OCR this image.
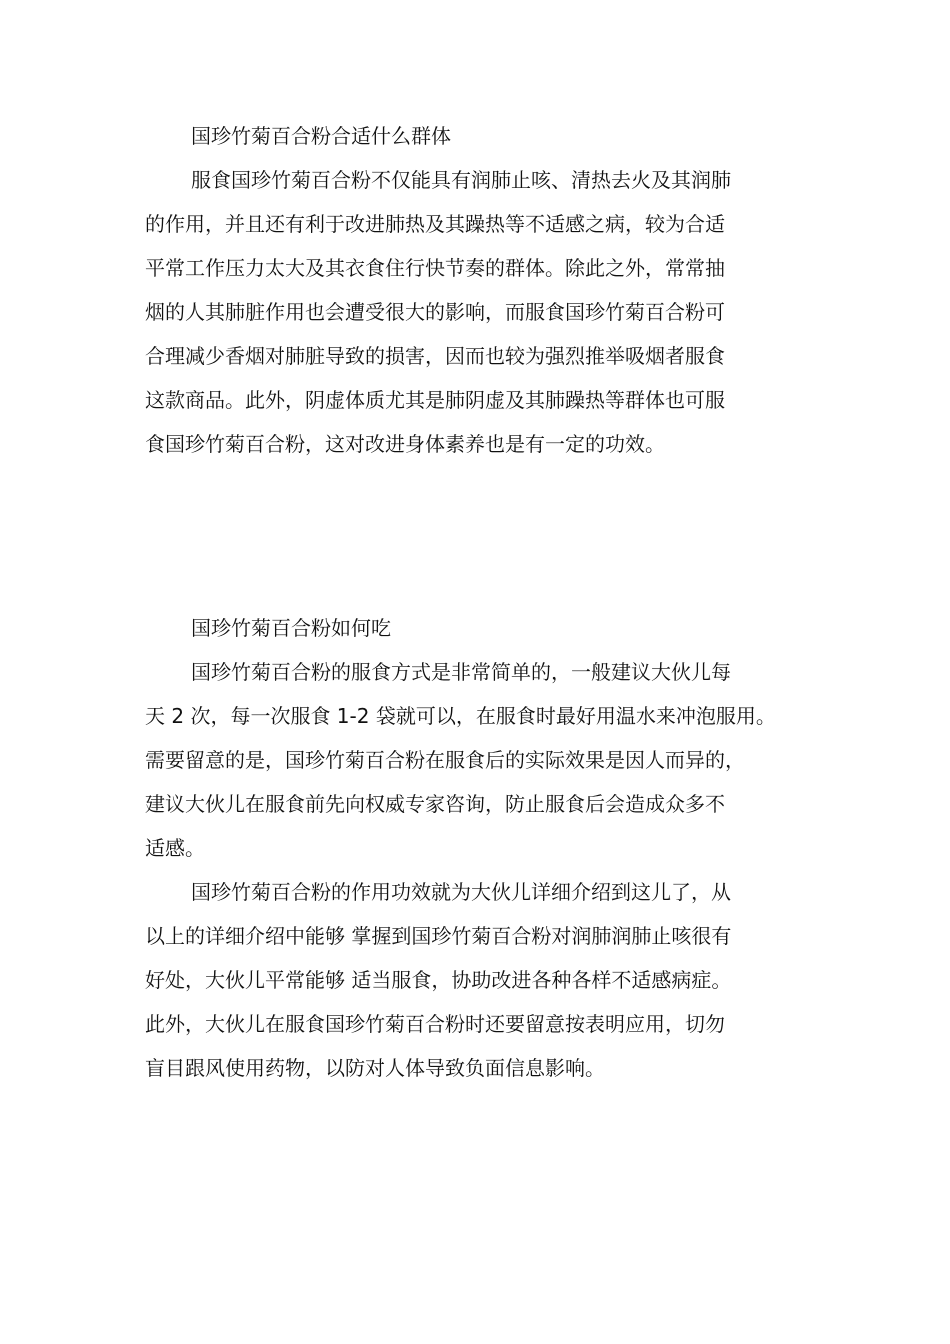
国珍竹菊百合粉合适什么群体

服食国珍竹菊百合粉不仅能具有润肺止咳、清热去火及其润肺
的作用，并且还有利于改进肺热及其躁热等不适感之病，较为合适
平常工作压力太大及其衣食住行快节奏的群体。除此之外，常常抽
烟的人其肺脏作用也会遭受很大的影响，而服食国珍竹菊百合粉可
合理减少香烟对肺脏导致的损害，因而也较为强烈推举吸烟者服食
这款商品。此外，阴虚体质尤其是肺阴虚及其肺躁热等群体也可服
食国珍竹菊百合粉，这对改进身体素养也是有一定的功效。

国珍竹菊百合粉如何吃

国珍竹菊百合粉的服食方式是非常简单的，一般建议大伙儿每
天 2 次，每一次服食 1-2 袋就可以，在服食时最好用温水来冲泡服用。
需要留意的是，国珍竹菊百合粉在服食后的实际效果是因人而异的，
建议大伙儿在服食前先向权威专家咨询，防止服食后会造成众多不
适感。

国珍竹菊百合粉的作用功效就为大伙儿详细介绍到这儿了，从
以上的详细介绍中能够 掌握到国珍竹菊百合粉对润肺润肺止咳很有
好处，大伙儿平常能够 适当服食，协助改进各种各样不适感病症。
此外，大伙儿在服食国珍竹菊百合粉时还要留意按表明应用，切勿
盲目跟风使用药物，以防对人体导致负面信息影响。
